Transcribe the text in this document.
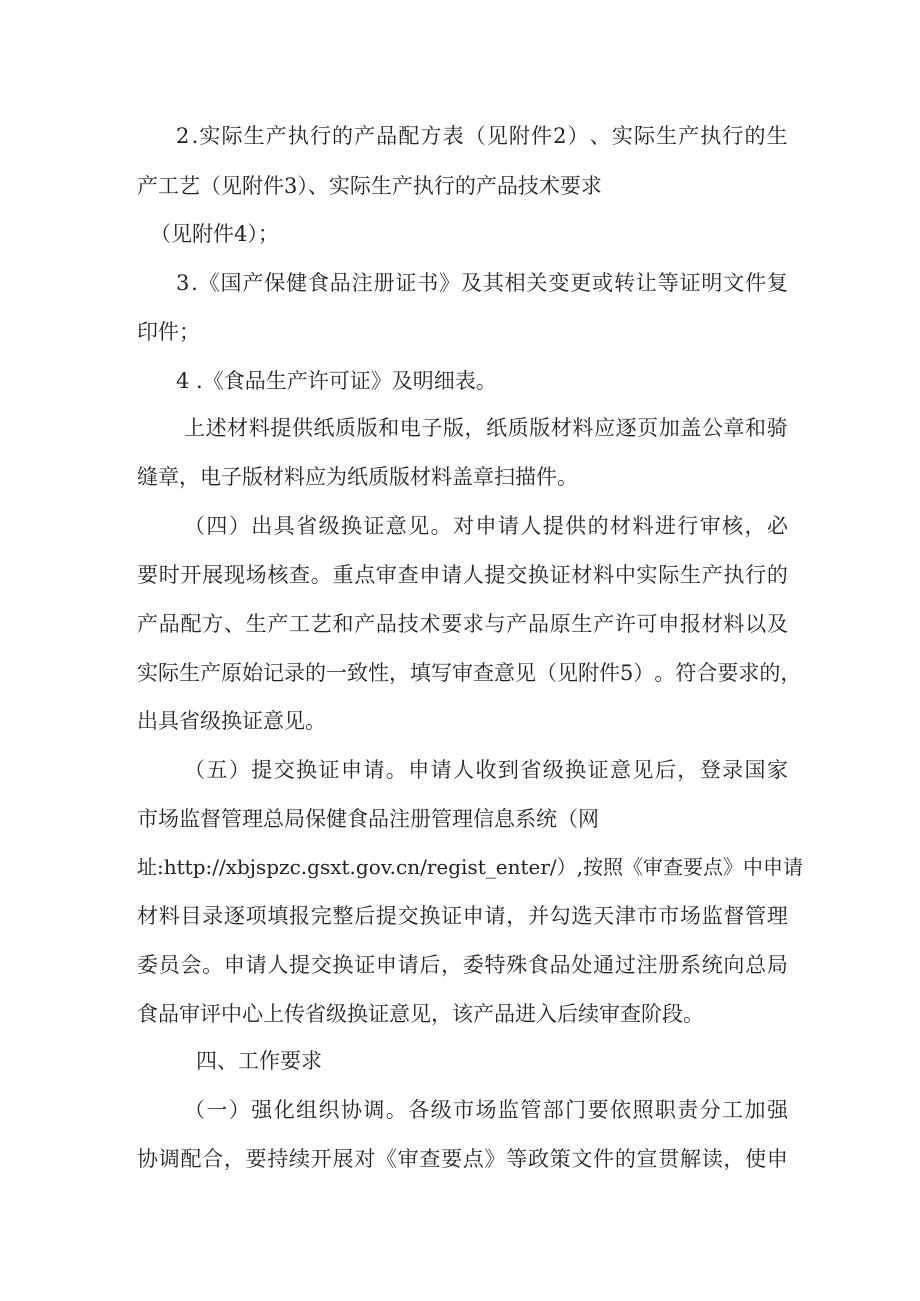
2 . 实 际 生 产 执 行 的 产 品 配 方 表 （ 见 附 件 2 ） 、 实 际 生 产 执 行 的 生
产工艺（见附件3）、实际生产执行的产品技术要求
（见附件4）；
3 . 《 国 产 保 健 食 品 注 册 证 书 》 及 其 相 关 变 更 或 转 让 等 证 明 文 件 复
印件；
4 .《食品生产许可证》及明细表。
上 述 材 料 提 供 纸 质 版 和 电 子 版 ， 纸 质 版 材 料 应 逐 页 加 盖 公 章 和 骑
缝章，电子版材料应为纸质版材料盖章扫描件。
（ 四 ） 出 具 省 级 换 证 意 见 。 对 申 请 人 提 供 的 材 料 进 行 审 核 ， 必
要 时 开 展 现 场 核 查 。 重 点 审 查 申 请 人 提 交 换 证 材 料 中 实 际 生 产 执 行 的
产 品 配 方 、 生 产 工 艺 和 产 品 技 术 要 求 与 产 品 原 生 产 许 可 申 报 材 料 以 及
实 际 生 产 原 始 记 录 的 一 致 性 ， 填 写 审 查 意 见 （ 见 附 件 5 ） 。 符 合 要 求 的 ，
出具省级换证意见。
（ 五 ） 提 交 换 证 申 请 。 申 请 人 收 到 省 级 换 证 意 见 后 ， 登 录 国 家
市场监督管理总局保健食品注册管理信息系统（网
址:http://xbjspzc.gsxt.gov.cn/regist_enter/）,按照《审查要点》中申请
材 料 目 录 逐 项 填 报 完 整 后 提 交 换 证 申 请 ， 并 勾 选 天 津 市 市 场 监 督 管 理
委 员 会 。 申 请 人 提 交 换 证 申 请 后 ， 委 特 殊 食 品 处 通 过 注 册 系 统 向 总 局
食品审评中心上传省级换证意见，该产品进入后续审查阶段。
四、工作要求
（ 一 ） 强 化 组 织 协 调 。 各 级 市 场 监 管 部 门 要 依 照 职 责 分 工 加 强
协 调 配 合 ， 要 持 续 开 展 对 《 审 查 要 点 》 等 政 策 文 件 的 宣 贯 解 读 ， 使 申
